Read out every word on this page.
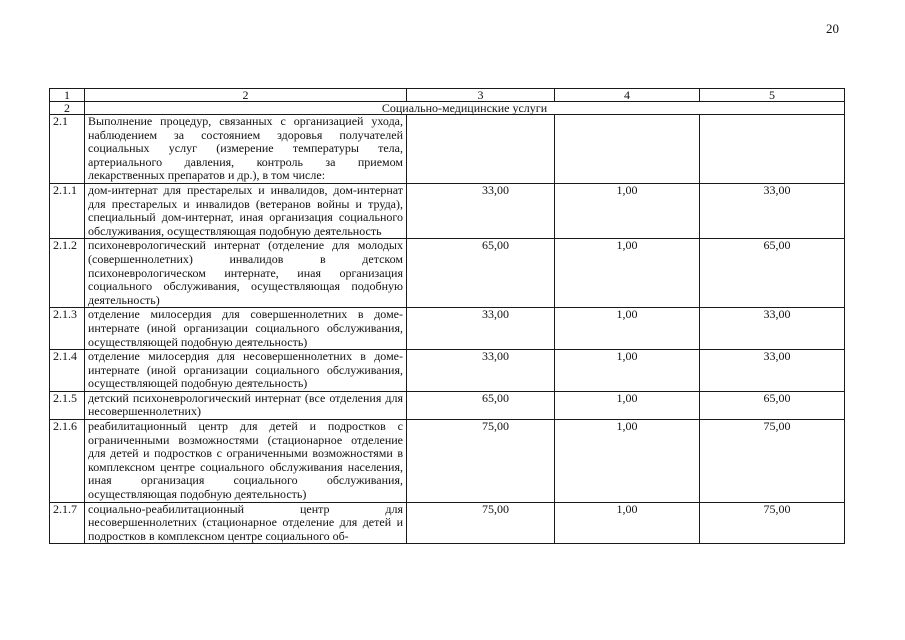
20
1	2	3	4	5
2	Социально-медицинские услуги			
2.1	Выполнение процедур, связанных с организацией ухода, наблюдением за состоянием здоровья получателей социальных услуг (измерение температуры тела, артериального давления, контроль за приемом лекарственных препаратов и др.), в том числе:			
2.1.1	дом-интернат для престарелых и инвалидов, дом-интернат для престарелых и инвалидов (ветеранов войны и труда), специальный дом-интернат, иная организация социального обслуживания, осуществляющая подобную деятельность	33,00	1,00	33,00
2.1.2	психоневрологический интернат (отделение для молодых (совершеннолетних) инвалидов в детском психоневрологическом интернате, иная организация социального обслуживания, осуществляющая подобную деятельность)	65,00	1,00	65,00
2.1.3	отделение милосердия для совершеннолетних в доме-интернате (иной организации социального обслуживания, осуществляющей подобную деятельность)	33,00	1,00	33,00
2.1.4	отделение милосердия для несовершеннолетних в доме-интернате (иной организации социального обслуживания, осуществляющей подобную деятельность)	33,00	1,00	33,00
2.1.5	детский психоневрологический интернат (все отделения для несовершеннолетних)	65,00	1,00	65,00
2.1.6	реабилитационный центр для детей и подростков с ограниченными возможностями (стационарное отделение для детей и подростков с ограниченными возможностями в комплексном центре социального обслуживания населения, иная организация социального обслуживания, осуществляющая подобную деятельность)	75,00	1,00	75,00
2.1.7	социально-реабилитационный центр для несовершеннолетних (стационарное отделение для детей и подростков в комплексном центре социального об-	75,00	1,00	75,00
